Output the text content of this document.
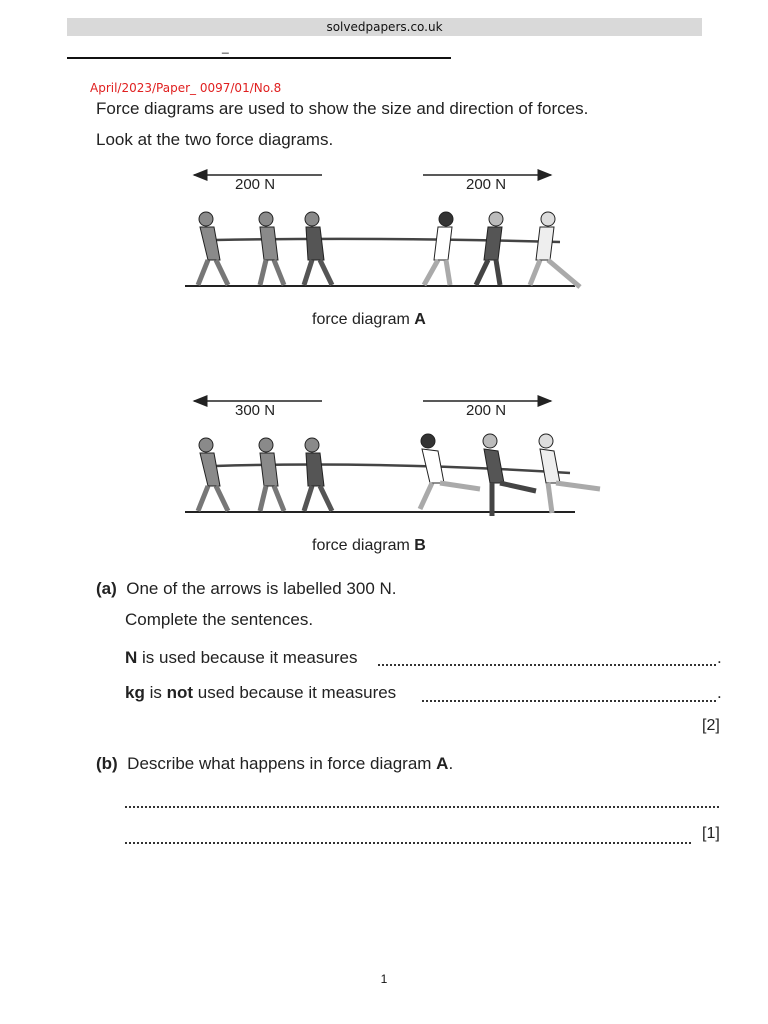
solvedpapers.co.uk
_
April/2023/Paper_ 0097/01/No.8
Force diagrams are used to show the size and direction of forces.
Look at the two force diagrams.
200 N	200 N
force diagram A
300 N	200 N
force diagram B
(a) One of the arrows is labelled 300 N.
Complete the sentences.
N is used because it measures	.
kg is not used because it measures	.
[2]
(b) Describe what happens in force diagram A.
[1]
1
